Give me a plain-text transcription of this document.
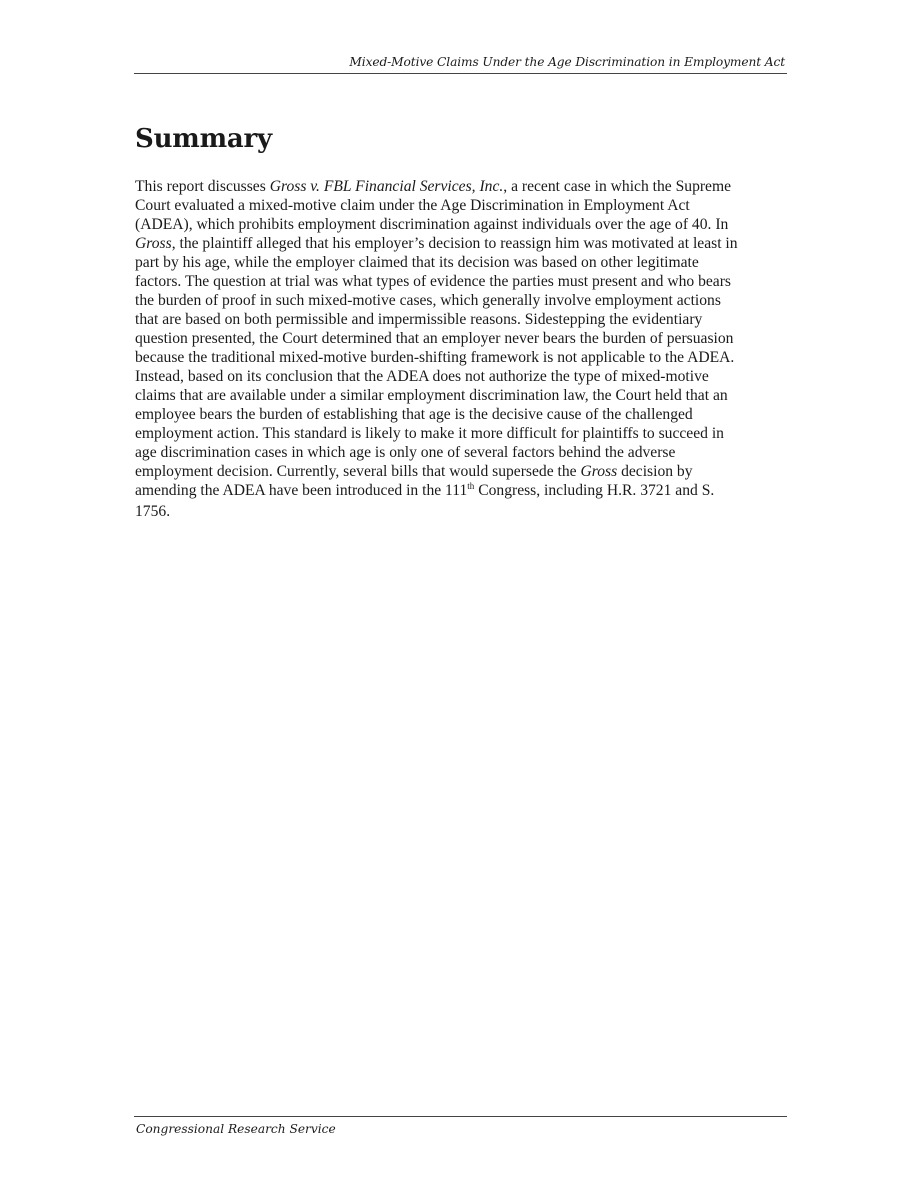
Mixed-Motive Claims Under the Age Discrimination in Employment Act
Summary
This report discusses Gross v. FBL Financial Services, Inc., a recent case in which the Supreme
Court evaluated a mixed-motive claim under the Age Discrimination in Employment Act
(ADEA), which prohibits employment discrimination against individuals over the age of 40. In
Gross, the plaintiff alleged that his employer’s decision to reassign him was motivated at least in
part by his age, while the employer claimed that its decision was based on other legitimate
factors. The question at trial was what types of evidence the parties must present and who bears
the burden of proof in such mixed-motive cases, which generally involve employment actions
that are based on both permissible and impermissible reasons. Sidestepping the evidentiary
question presented, the Court determined that an employer never bears the burden of persuasion
because the traditional mixed-motive burden-shifting framework is not applicable to the ADEA.
Instead, based on its conclusion that the ADEA does not authorize the type of mixed-motive
claims that are available under a similar employment discrimination law, the Court held that an
employee bears the burden of establishing that age is the decisive cause of the challenged
employment action. This standard is likely to make it more difficult for plaintiffs to succeed in
age discrimination cases in which age is only one of several factors behind the adverse
employment decision. Currently, several bills that would supersede the Gross decision by
amending the ADEA have been introduced in the 111th Congress, including H.R. 3721 and S.
1756.
Congressional Research Service
